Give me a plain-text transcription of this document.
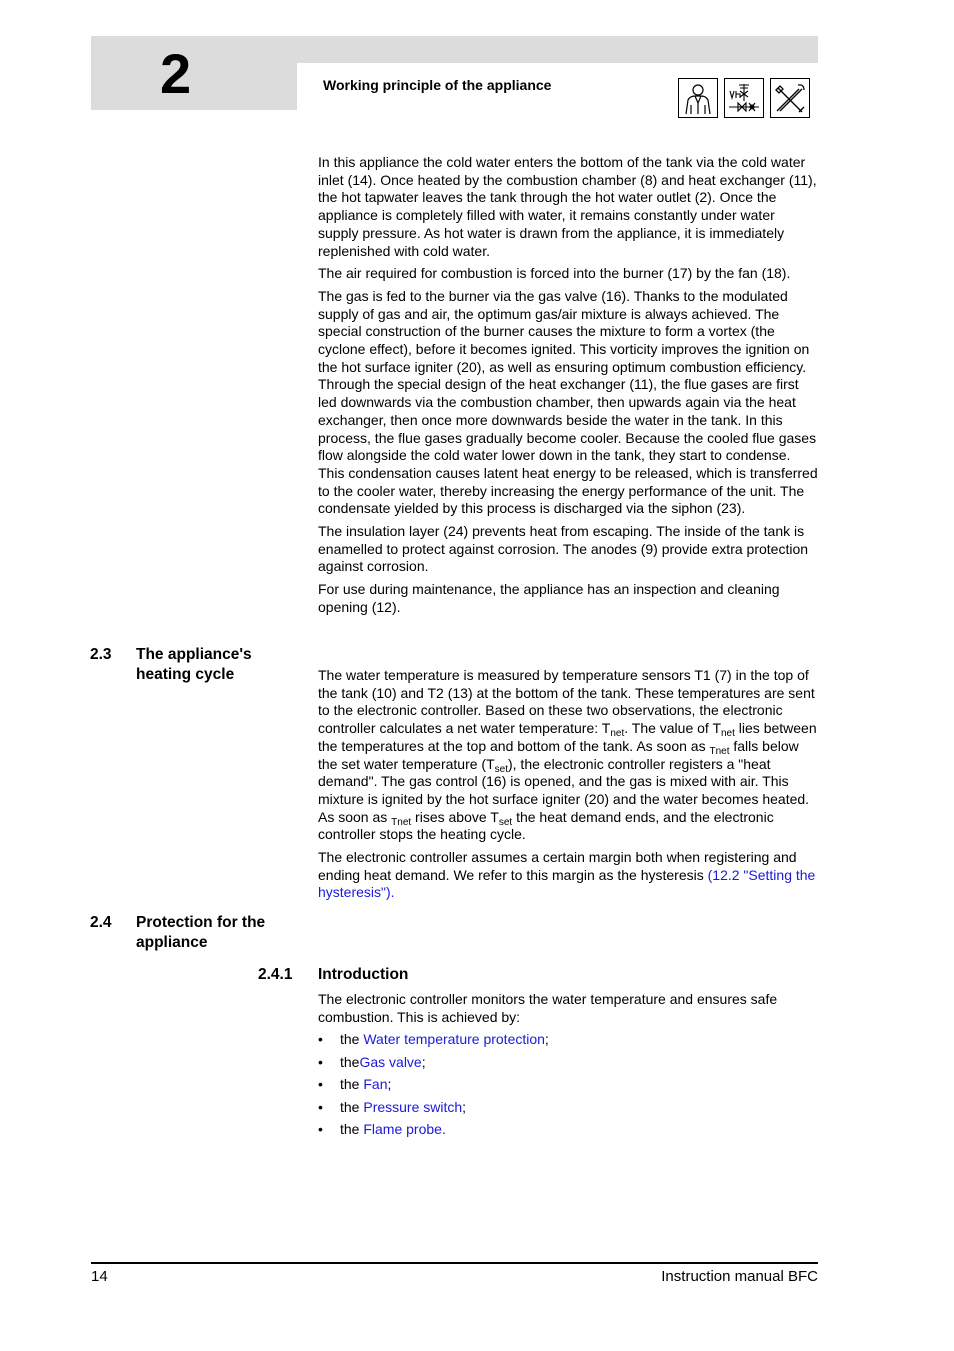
2	Working principle of the appliance

In this appliance the cold water enters the bottom of the tank via the cold water inlet (14). Once heated by the combustion chamber (8) and heat exchanger (11), the hot tapwater leaves the tank through the hot water outlet (2). Once the appliance is completely filled with water, it remains constantly under water supply pressure. As hot water is drawn from the appliance, it is immediately replenished with cold water.

The air required for combustion is forced into the burner (17) by the fan (18).

The gas is fed to the burner via the gas valve (16). Thanks to the modulated supply of gas and air, the optimum gas/air mixture is always achieved. The special construction of the burner causes the mixture to form a vortex (the cyclone effect), before it becomes ignited. This vorticity improves the ignition on the hot surface igniter (20), as well as ensuring optimum combustion efficiency. Through the special design of the heat exchanger (11), the flue gases are first led downwards via the combustion chamber, then upwards again via the heat exchanger, then once more downwards beside the water in the tank. In this process, the flue gases gradually become cooler. Because the cooled flue gases flow alongside the cold water lower down in the tank, they start to condense. This condensation causes latent heat energy to be released, which is transferred to the cooler water, thereby increasing the energy performance of the unit. The condensate yielded by this process is discharged via the siphon (23).

The insulation layer (24) prevents heat from escaping. The inside of the tank is enamelled to protect against corrosion. The anodes (9) provide extra protection against corrosion.

For use during maintenance, the appliance has an inspection and cleaning opening (12).

2.3 The appliance's heating cycle	The water temperature is measured by temperature sensors T1 (7) in the top of the tank (10) and T2 (13) at the bottom of the tank. These temperatures are sent to the electronic controller. Based on these two observations, the electronic controller calculates a net water temperature: $T_{net}$. The value of $T_{net}$ lies between the temperatures at the top and bottom of the tank. As soon as $_{Tnet}$ falls below the set water temperature $(T_{set})$, the electronic controller registers a "heat demand". The gas control (16) is opened, and the gas is mixed with air. This mixture is ignited by the hot surface igniter (20) and the water becomes heated. As soon as $_{Tnet}$ rises above $T_{set}$ the heat demand ends, and the electronic controller stops the heating cycle.

The electronic controller assumes a certain margin both when registering and ending heat demand. We refer to this margin as the hysteresis (12.2 "Setting the hysteresis").

2.4 Protection for the appliance
2.4.1 Introduction

The electronic controller monitors the water temperature and ensures safe combustion. This is achieved by:

• the Water temperature protection;
• theGas valve;
• the Fan;
• the Pressure switch;
• the Flame probe.
14	Instruction manual BFC
